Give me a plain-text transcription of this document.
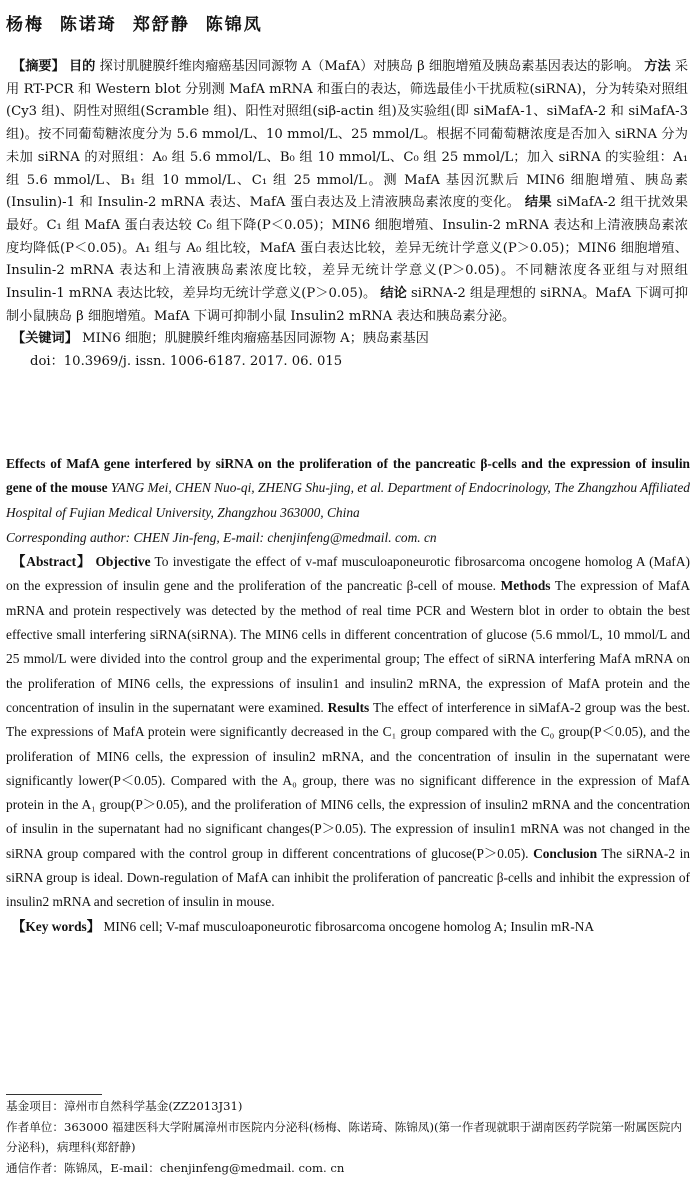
杨梅 陈诺琦 郑舒静 陈锦凤
【摘要】 目的 探讨肌腱膜纤维肉瘤癌基因同源物 A（MafA）对胰岛 β 细胞增殖及胰岛素基因表达的影响。 方法 采用 RT-PCR 和 Western blot 分别测 MafA mRNA 和蛋白的表达，筛选最佳小干扰质粒(siRNA)，分为转染对照组(Cy3 组)、阴性对照组(Scramble 组)、阳性对照组(siβ-actin 组)及实验组(即 siMafA-1、siMafA-2 和 siMafA-3 组)。按不同葡萄糖浓度分为 5.6 mmol/L、10 mmol/L、25 mmol/L。根据不同葡萄糖浓度是否加入 siRNA 分为未加 siRNA 的对照组：A₀ 组 5.6 mmol/L、B₀ 组 10 mmol/L、C₀ 组 25 mmol/L；加入 siRNA 的实验组：A₁ 组 5.6 mmol/L、B₁ 组 10 mmol/L、C₁ 组 25 mmol/L。测 MafA 基因沉默后 MIN6 细胞增殖、胰岛素(Insulin)-1 和 Insulin-2 mRNA 表达、MafA 蛋白表达及上清液胰岛素浓度的变化。 结果 siMafA-2 组干扰效果最好。C₁ 组 MafA 蛋白表达较 C₀ 组下降(P＜0.05)；MIN6 细胞增殖、Insulin-2 mRNA 表达和上清液胰岛素浓度均降低(P＜0.05)。A₁ 组与 A₀ 组比较，MafA 蛋白表达比较，差异无统计学意义(P＞0.05)；MIN6 细胞增殖、Insulin-2 mRNA 表达和上清液胰岛素浓度比较，差异无统计学意义(P＞0.05)。不同糖浓度各亚组与对照组 Insulin-1 mRNA 表达比较，差异均无统计学意义(P＞0.05)。 结论 siRNA-2 组是理想的 siRNA。MafA 下调可抑制小鼠胰岛 β 细胞增殖。MafA 下调可抑制小鼠 Insulin2 mRNA 表达和胰岛素分泌。
【关键词】 MIN6 细胞；肌腱膜纤维肉瘤癌基因同源物 A；胰岛素基因
doi：10.3969/j. issn. 1006-6187. 2017. 06. 015
Effects of MafA gene interfered by siRNA on the proliferation of the pancreatic β-cells and the expression of insulin gene of the mouse YANG Mei, CHEN Nuo-qi, ZHENG Shu-jing, et al. Department of Endocrinology, The Zhangzhou Affiliated Hospital of Fujian Medical University, Zhangzhou 363000, China
Corresponding author: CHEN Jin-feng, E-mail: chenjinfeng@medmail. com. cn
【Abstract】 Objective To investigate the effect of v-maf musculoaponeurotic fibrosarcoma oncogene homolog A (MafA) on the expression of insulin gene and the proliferation of the pancreatic β-cell of mouse. Methods The expression of MafA mRNA and protein respectively was detected by the method of real time PCR and Western blot in order to obtain the best effective small interfering siRNA(siRNA). The MIN6 cells in different concentration of glucose (5.6 mmol/L, 10 mmol/L and 25 mmol/L were divided into the control group and the experimental group; The effect of siRNA interfering MafA mRNA on the proliferation of MIN6 cells, the expressions of insulin1 and insulin2 mRNA, the expression of MafA protein and the concentration of insulin in the supernatant were examined. Results The effect of interference in siMafA-2 group was the best. The expressions of MafA protein were significantly decreased in the C₁ group compared with the C₀ group(P＜0.05), and the proliferation of MIN6 cells, the expression of insulin2 mRNA, and the concentration of insulin in the supernatant were significantly lower(P＜0.05). Compared with the A₀ group, there was no significant difference in the expression of MafA protein in the A₁ group(P＞0.05), and the proliferation of MIN6 cells, the expression of insulin2 mRNA and the concentration of insulin in the supernatant had no significant changes(P＞0.05). The expression of insulin1 mRNA was not changed in the siRNA group compared with the control group in different concentrations of glucose(P＞0.05). Conclusion The siRNA-2 in siRNA group is ideal. Down-regulation of MafA can inhibit the proliferation of pancreatic β-cells and inhibit the expression of insulin2 mRNA and secretion of insulin in mouse.
【Key words】 MIN6 cell; V-maf musculoaponeurotic fibrosarcoma oncogene homolog A; Insulin mR-NA
基金项目：漳州市自然科学基金(ZZ2013J31)
作者单位：363000 福建医科大学附属漳州市医院内分泌科(杨梅、陈诺琦、陈锦凤)(第一作者现就职于湖南医药学院第一附属医院内分泌科)，病理科(郑舒静)
通信作者：陈锦凤，E-mail：chenjinfeng@medmail. com. cn
